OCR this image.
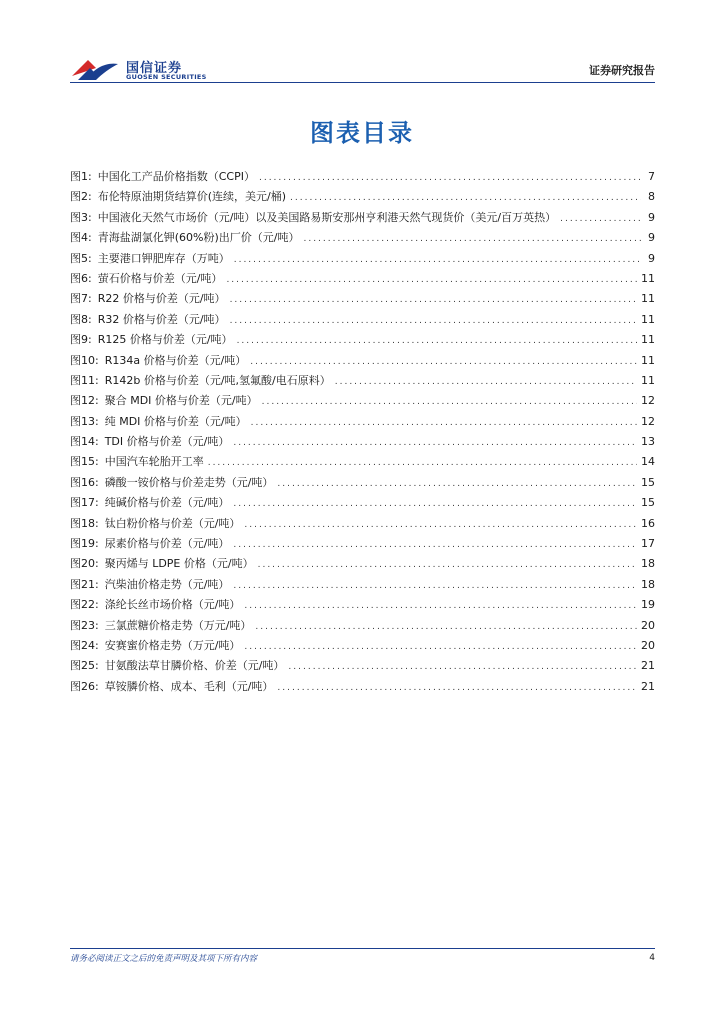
国信证券
GUOSEN SECURITIES	证券研究报告
图表目录
图1: 中国化工产品价格指数（CCPI） .....	7
图2: 布伦特原油期货结算价(连续，美元/桶) .....	8
图3: 中国液化天然气市场价（元/吨）以及美国路易斯安那州亨利港天然气现货价（美元/百万英热） .....	9
图4: 青海盐湖氯化钾(60%粉)出厂价（元/吨） .....	9
图5: 主要港口钾肥库存（万吨） .....	9
图6: 萤石价格与价差（元/吨） .....	11
图7: R22 价格与价差（元/吨） .....	11
图8: R32 价格与价差（元/吨） .....	11
图9: R125 价格与价差（元/吨） .....	11
图10: R134a 价格与价差（元/吨） .....	11
图11: R142b 价格与价差（元/吨,氢氟酸/电石原料） .....	11
图12: 聚合 MDI 价格与价差（元/吨） .....	12
图13: 纯 MDI 价格与价差（元/吨） .....	12
图14: TDI 价格与价差（元/吨） .....	13
图15: 中国汽车轮胎开工率 .....	14
图16: 磷酸一铵价格与价差走势（元/吨） .....	15
图17: 纯碱价格与价差（元/吨） .....	15
图18: 钛白粉价格与价差（元/吨） .....	16
图19: 尿素价格与价差（元/吨） .....	17
图20: 聚丙烯与 LDPE 价格（元/吨） .....	18
图21: 汽柴油价格走势（元/吨） .....	18
图22: 涤纶长丝市场价格（元/吨） .....	19
图23: 三氯蔗糖价格走势（万元/吨） .....	20
图24: 安赛蜜价格走势（万元/吨） .....	20
图25: 甘氨酸法草甘膦价格、价差（元/吨） .....	21
图26: 草铵膦价格、成本、毛利（元/吨） .....	21
请务必阅读正文之后的免责声明及其项下所有内容	4
